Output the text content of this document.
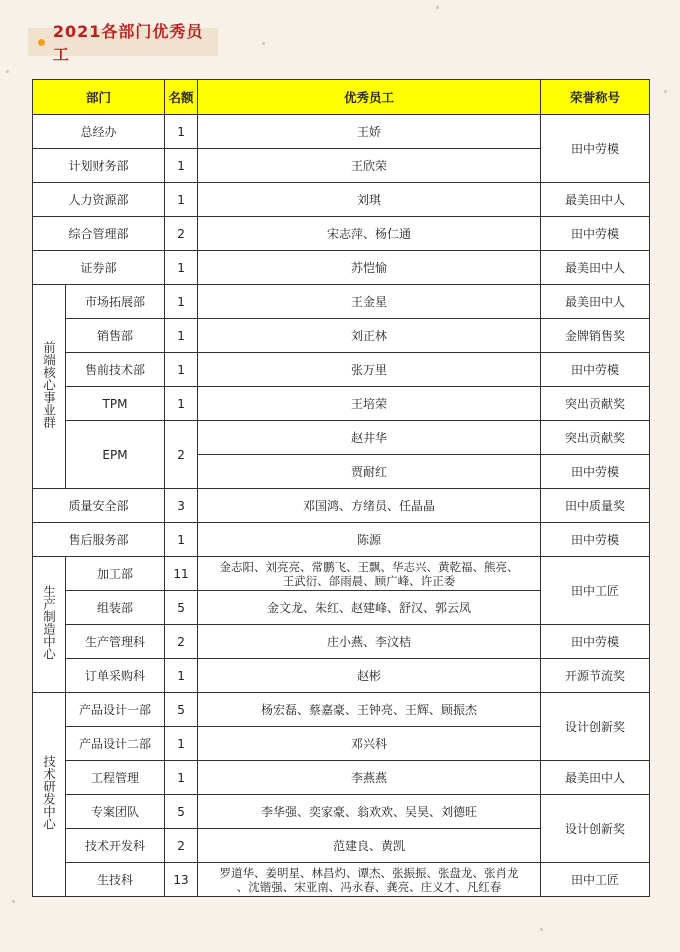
2021各部门优秀员工
部门		名额	优秀员工	荣誉称号
总经办		1	王娇	田中劳模
计划财务部		1	王欣荣	
人力资源部		1	刘琪	最美田中人
综合管理部		2	宋志萍、杨仁通	田中劳模
证券部		1	苏恺愉	最美田中人
前端核心事业群	市场拓展部	1	王金星	最美田中人
	销售部	1	刘正林	金牌销售奖
	售前技术部	1	张万里	田中劳模
	TPM	1	王培荣	突出贡献奖
	EPM	2	赵井华	突出贡献奖
			贾耐红	田中劳模
质量安全部		3	邓国鸿、方绪员、任晶晶	田中质量奖
售后服务部		1	陈源	田中劳模
生产制造中心	加工部	11	金志阳、刘亮亮、常鹏飞、王飘、华志兴、黄乾福、熊亮、
王武衍、郃雨晨、顾广峰、许正委	田中工匠
	组装部	5	金文龙、朱红、赵建峰、舒汉、郭云凤	
	生产管理科	2	庄小燕、李汶桔	田中劳模
	订单采购科	1	赵彬	开源节流奖
技术研发中心	产品设计一部	5	杨宏磊、蔡嘉豪、王钟亮、王辉、顾振杰	设计创新奖
	产品设计二部	1	邓兴科	
	工程管理	1	李燕燕	最美田中人
	专案团队	5	李华强、奕家豪、翁欢欢、吴昊、刘德旺	设计创新奖
	技术开发科	2	范建良、黄凯	
	生技科	13	罗道华、姜明星、林昌灼、谭杰、张振振、张盘龙、张肖龙
、沈锴强、宋亚南、冯永春、龚亮、庄义才、凡红春	田中工匠
